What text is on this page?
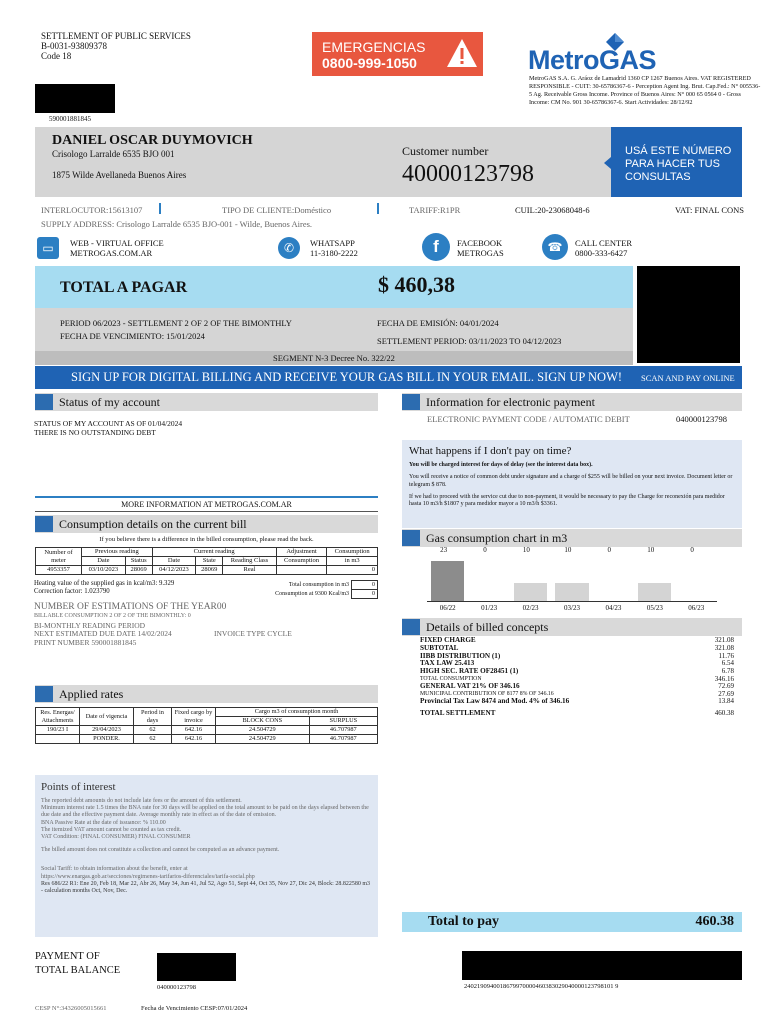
SETTLEMENT OF PUBLIC SERVICES
B-0031-93809378
Code 18
590001881845
EMERGENCIAS
0800-999-1050	MetroGAS
MetroGAS S.A. G. Aráoz de Lamadrid 1360 CP 1267 Buenos Aires. VAT REGISTERED RESPONSIBLE - CUIT: 30-65786367-6 - Perception Agent Ing. Brut. Cap.Fed.: N° 005536-5 Ag. Receivable Gross Income. Province of Buenos Aires: N° 000 65 0564 0 - Gross Income: CM No. 901 30-65786367-6. Start Actividades: 28/12/92
DANIEL OSCAR DUYMOVICH
Crisologo Larralde 6535 BJO 001
1875 Wilde Avellaneda Buenos Aires
Customer number
40000123798
USÁ ESTE NÚMERO PARA HACER TUS CONSULTAS
INTERLOCUTOR:15613107	TIPO DE CLIENTE:Doméstico	TARIFF:R1PR	CUIL:20-23068048-6	VAT: FINAL CONS
SUPPLY ADDRESS: Crisologo Larralde 6535 BJO-001 - Wilde, Buenos Aires.
▭	WEB - VIRTUAL OFFICE
METROGAS.COM.AR	✆	WHATSAPP
11-3180-2222	f	FACEBOOK
METROGAS	☎	CALL CENTER
0800-333-6427
TOTAL A PAGAR	$ 460,38
PERIOD 06/2023 - SETTLEMENT 2 OF 2 OF THE BIMONTHLY
FECHA DE VENCIMIENTO: 15/01/2024
FECHA DE EMISIÓN: 04/01/2024
SETTLEMENT PERIOD: 03/11/2023 TO 04/12/2023
SEGMENT N-3 Decree No. 322/22
SIGN UP FOR DIGITAL BILLING AND RECEIVE YOUR GAS BILL IN YOUR EMAIL. SIGN UP NOW! SCAN AND PAY ONLINE
Status of my account
STATUS OF MY ACCOUNT AS OF 01/04/2024
THERE IS NO OUTSTANDING DEBT
MORE INFORMATION AT METROGAS.COM.AR
Consumption details on the current bill
If you believe there is a difference in the billed consumption, please read the back.
Number of meter	Previous reading		Current reading			Adjustment	Consumption
	Date	Status	Date	State	Reading Class	Consumption	in m3
4953357	03/10/2023	28069	04/12/2023	28069	Real		0
Heating value of the supplied gas in kcal/m3: 9.329
Correction factor: 1.023790
Total consumption in m3	0
Consumption at 9300 Kcal/m3	0
NUMBER OF ESTIMATIONS OF THE YEAR00
BILLABLE CONSUMPTION 2 OF 2 OF THE BIMONTHLY: 0
BI-MONTHLY READING PERIOD
NEXT ESTIMATED DUE DATE 14/02/2024	INVOICE TYPE CYCLE
PRINT NUMBER 590001881845
Applied rates
Res. Energas/ Attachments	Date of vigencia	Period in days	Fixed cargo by invoice	Cargo m3 of consumption month	
				BLOCK CONS	SURPLUS
190/23 I	29/04/2023	62	642.16	24.504729	46.707987
	PONDER.	62	642.16	24.504729	46.707987
Points of interest
The reported debt amounts do not include late fees or the amount of this settlement.
Minimum interest rate 1.5 times the BNA rate for 30 days will be applied on the total amount to be paid on the days elapsed between the due date and the effective payment date. Average monthly rate in effect as of the date of emission.
BNA Passive Rate at the date of issuance: % 110.00
The itemized VAT amount cannot be counted as tax credit.
VAT Condition: (FINAL CONSUMER) FINAL CONSUMER
The billed amount does not constitute a collection and cannot be computed as an advance payment.
Social Tariff: to obtain information about the benefit, enter at
https://www.enargas.gob.ar/secciones/regimenes-tarifarios-diferenciales/tarifa-social.php
Res 686/22 R1: Ene 20, Feb 18, Mar 22, Abr 26, May 34, Jun 41, Jul 52, Ago 51, Sept 44, Oct 35, Nov 27, Dic 24, Block: 28.822580 m3 - calculation months Oct, Nov, Dec.
Information for electronic payment
ELECTRONIC PAYMENT CODE / AUTOMATIC DEBIT	040000123798
What happens if I don't pay on time?
You will be charged interest for days of delay (see the interest data box).
You will receive a notice of common debt under signature and a charge of $255 will be billed on your next invoice. Document letter or telegram $ 878.
If we had to proceed with the service cut due to non-payment, it would be necessary to pay the Charge for reconexión para medidor hasta 10 m3/h $1807 y para medidor mayor a 10 m3/h $3361.
Gas consumption chart in m3
23
06/22
0
01/23
10
02/23
10
03/23
0
04/23
10
05/23
0
06/23
Details of billed concepts
FIXED CHARGE	321.08
SUBTOTAL	321.08
IIBB DISTRIBUTION (1)	11.76
TAX LAW 25.413	6.54
HIGH SEC. RATE OF28451 (1)	6.78
TOTAL CONSUMPTION	346.16
GENERAL VAT 21% OF 346.16	72.69
MUNICIPAL CONTRIBUTION OF 8177 8% OF 346.16	27.69
Provincial Tax Law 8474 and Mod. 4% of 346.16	13.84
TOTAL SETTLEMENT	460.38
Total to pay	460.38
PAYMENT OF
TOTAL BALANCE
040000123798	2402190940018679970000460383029040000123798101 9
CESP N°:34326005015661	Fecha de Vencimiento CESP:07/01/2024
